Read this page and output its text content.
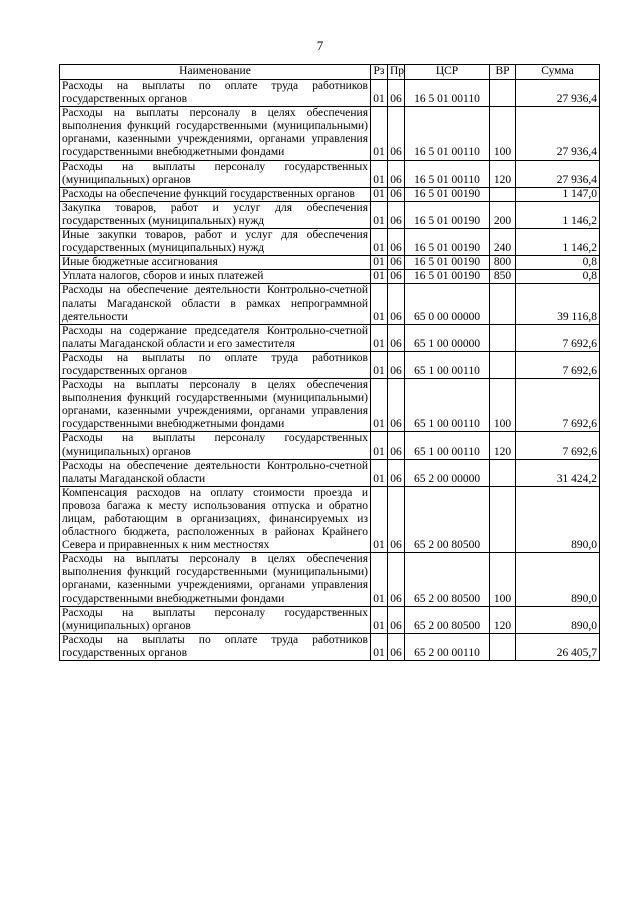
7
Наименование	Рз	Пр	ЦСР	ВР	Сумма
Расходы на выплаты по оплате труда работников государственных органов	01	06	16 5 01 00110		27 936,4
Расходы на выплаты персоналу в целях обеспечения выполнения функций государственными (муниципальными) органами, казенными учреждениями, органами управления государственными внебюджетными фондами	01	06	16 5 01 00110	100	27 936,4
Расходы на выплаты персоналу государственных (муниципальных) органов	01	06	16 5 01 00110	120	27 936,4
Расходы на обеспечение функций государственных органов	01	06	16 5 01 00190		1 147,0
Закупка товаров, работ и услуг для обеспечения государственных (муниципальных) нужд	01	06	16 5 01 00190	200	1 146,2
Иные закупки товаров, работ и услуг для обеспечения государственных (муниципальных) нужд	01	06	16 5 01 00190	240	1 146,2
Иные бюджетные ассигнования	01	06	16 5 01 00190	800	0,8
Уплата налогов, сборов и иных платежей	01	06	16 5 01 00190	850	0,8
Расходы на обеспечение деятельности Контрольно-счетной палаты Магаданской области в рамках непрограммной деятельности	01	06	65 0 00 00000		39 116,8
Расходы на содержание председателя Контрольно-счетной палаты Магаданской области и его заместителя	01	06	65 1 00 00000		7 692,6
Расходы на выплаты по оплате труда работников государственных органов	01	06	65 1 00 00110		7 692,6
Расходы на выплаты персоналу в целях обеспечения выполнения функций государственными (муниципальными) органами, казенными учреждениями, органами управления государственными внебюджетными фондами	01	06	65 1 00 00110	100	7 692,6
Расходы на выплаты персоналу государственных (муниципальных) органов	01	06	65 1 00 00110	120	7 692,6
Расходы на обеспечение деятельности Контрольно-счетной палаты Магаданской области	01	06	65 2 00 00000		31 424,2
Компенсация расходов на оплату стоимости проезда и провоза багажа к месту использования отпуска и обратно лицам, работающим в организациях, финансируемых из областного бюджета, расположенных в районах Крайнего Севера и приравненных к ним местностях	01	06	65 2 00 80500		890,0
Расходы на выплаты персоналу в целях обеспечения выполнения функций государственными (муниципальными) органами, казенными учреждениями, органами управления государственными внебюджетными фондами	01	06	65 2 00 80500	100	890,0
Расходы на выплаты персоналу государственных (муниципальных) органов	01	06	65 2 00 80500	120	890,0
Расходы на выплаты по оплате труда работников государственных органов	01	06	65 2 00 00110		26 405,7
